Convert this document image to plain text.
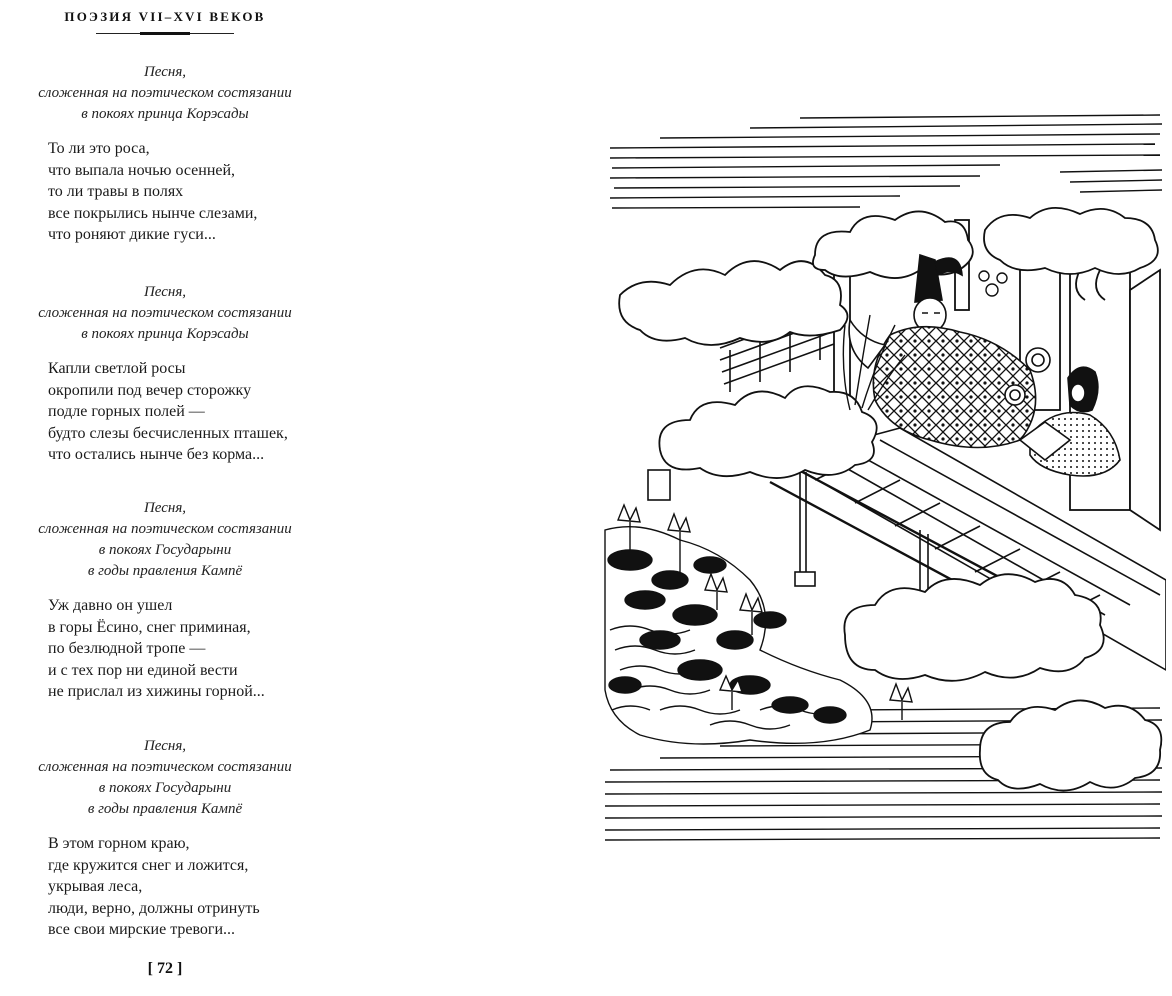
ПОЭЗИЯ VII–XVI ВЕКОВ
Песня,
сложенная на поэтическом состязании
в покоях принца Корэсады
То ли это роса,
что выпала ночью осенней,
то ли травы в полях
все покрылись нынче слезами,
что роняют дикие гуси...
Песня,
сложенная на поэтическом состязании
в покоях принца Корэсады
Капли светлой росы
окропили под вечер сторожку
подле горных полей —
будто слезы бесчисленных пташек,
что остались нынче без корма...
Песня,
сложенная на поэтическом состязании
в покоях Государыни
в годы правления Кампё
Уж давно он ушел
в горы Ёсино, снег приминая,
по безлюдной тропе —
и с тех пор ни единой вести
не прислал из хижины горной...
Песня,
сложенная на поэтическом состязании
в покоях Государыни
в годы правления Кампё
В этом горном краю,
где кружится снег и ложится,
укрывая леса,
люди, верно, должны отринуть
все свои мирские тревоги...
[ 72 ]
